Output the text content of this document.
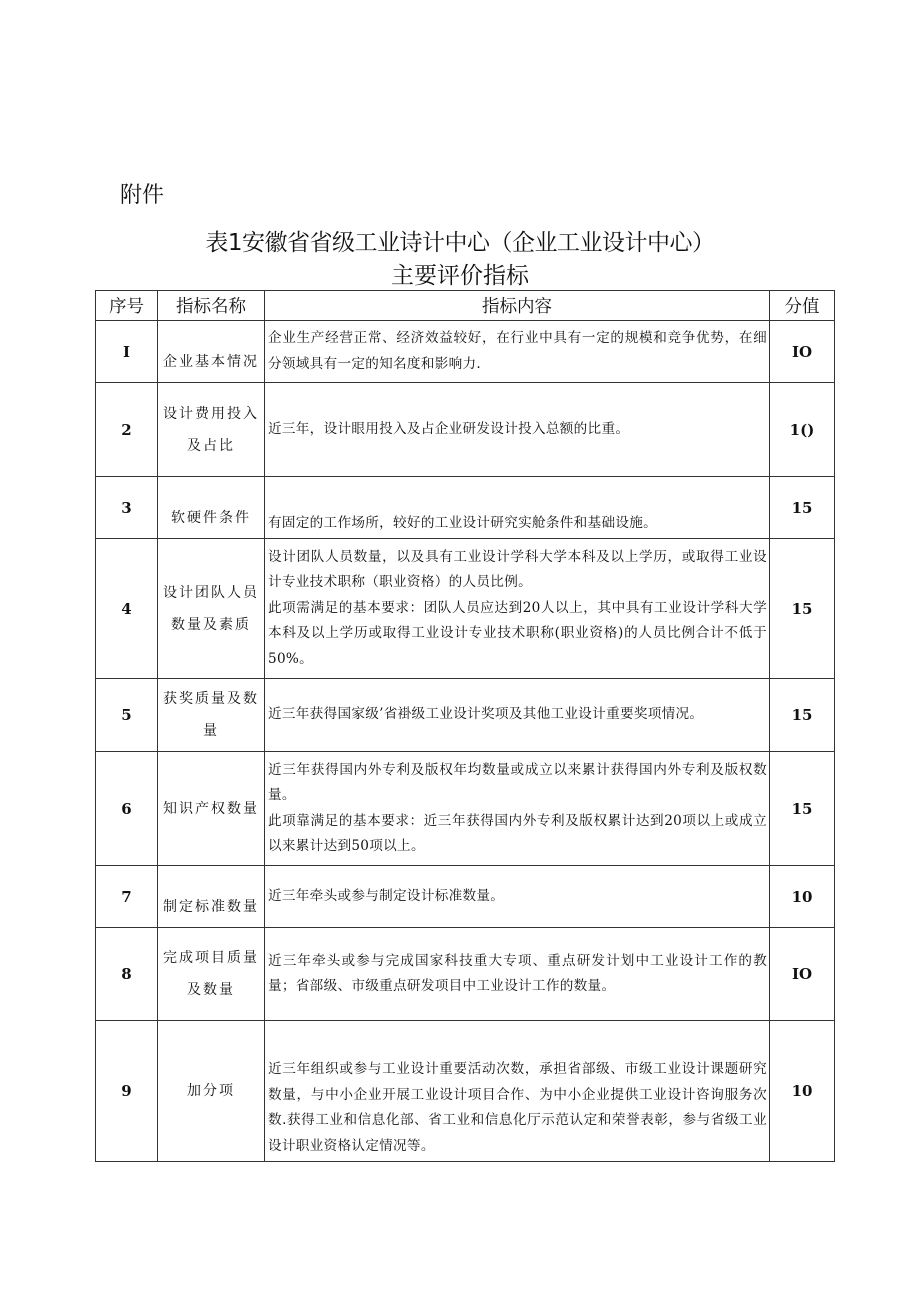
附件
表1安徽省省级工业诗计中心（企业工业设计中心）
主要评价指标
序号	指标名称	指标内容	分值
I	企业基本情况	企业生产经营正常、经济效益较好，在行业中具有一定的规模和竞争优势，在细分领域具有一定的知名度和影响力.	IO
2	设计费用投入及占比	近三年，设计眼用投入及占企业研发设计投入总额的比重。	1()
3	软硬件条件	有固定的工作场所，较好的工业设计研究实舱条件和基础设施。	15
4	设计团队人员数量及素质	设计团队人员数量，以及具有工业设计学科大学本科及以上学历，或取得工业设计专业技术职称（职业资格）的人员比例。
此项需满足的基本要求：团队人员应达到20人以上，其中具有工业设计学科大学本科及以上学历或取得工业设计专业技术职称(职业资格)的人员比例合计不低于50%。	15
5	获奖质量及数量	近三年获得国家级’省褂级工业设计奖项及其他工业设计重要奖项情况。	15
6	知识产权数量	近三年获得国内外专利及版权年均数量或成立以来累计获得国内外专利及版权数量。
此项靠满足的基本要求：近三年获得国内外专利及版权累计达到20项以上或成立以来累计达到50项以上。	15
7	制定标准数量	近三年牵头或参与制定设计标准数量。	10
8	完成项目质量及数量	近三年牵头或参与完成国家科技重大专项、重点研发计划中工业设计工作的教量；省部级、市级重点研发项目中工业设计工作的数量。	IO
9	加分项	近三年组织或参与工业设计重要活动次数，承担省部级、市级工业设计课题研究数量，与中小企业开展工业设计项目合作、为中小企业提供工业设计咨询服务次数.获得工业和信息化部、省工业和信息化厅示范认定和荣誉表彰，参与省级工业设计职业资格认定情况等。	10
